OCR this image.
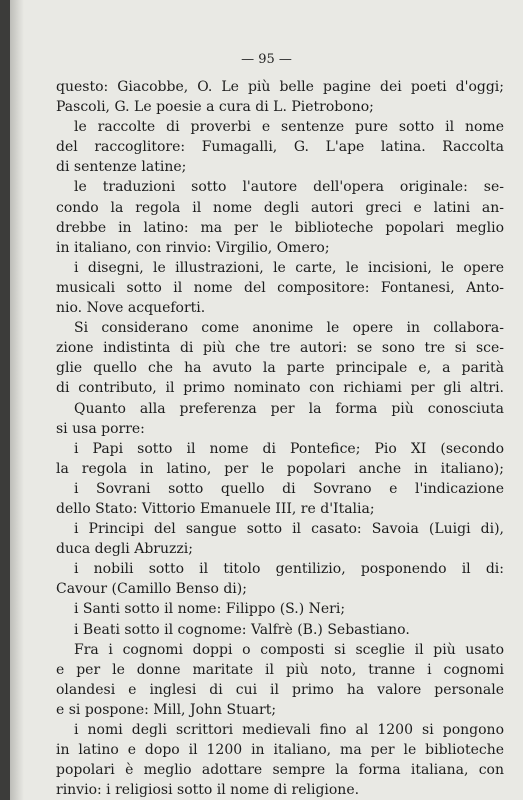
— 95 —
questo: Giacobbe, O. Le più belle pagine dei poeti d'oggi;
Pascoli, G. Le poesie a cura di L. Pietrobono;
le raccolte di proverbi e sentenze pure sotto il nome
del raccoglitore: Fumagalli, G. L'ape latina. Raccolta
di sentenze latine;
le traduzioni sotto l'autore dell'opera originale: se-
condo la regola il nome degli autori greci e latini an-
drebbe in latino: ma per le biblioteche popolari meglio
in italiano, con rinvio: Virgilio, Omero;
i disegni, le illustrazioni, le carte, le incisioni, le opere
musicali sotto il nome del compositore: Fontanesi, Anto-
nio. Nove acqueforti.
Si considerano come anonime le opere in collabora-
zione indistinta di più che tre autori: se sono tre si sce-
glie quello che ha avuto la parte principale e, a parità
di contributo, il primo nominato con richiami per gli altri.
Quanto alla preferenza per la forma più conosciuta
si usa porre:
i Papi sotto il nome di Pontefice; Pio XI (secondo
la regola in latino, per le popolari anche in italiano);
i Sovrani sotto quello di Sovrano e l'indicazione
dello Stato: Vittorio Emanuele III, re d'Italia;
i Principi del sangue sotto il casato: Savoia (Luigi di),
duca degli Abruzzi;
i nobili sotto il titolo gentilizio, posponendo il di:
Cavour (Camillo Benso di);
i Santi sotto il nome: Filippo (S.) Neri;
i Beati sotto il cognome: Valfrè (B.) Sebastiano.
Fra i cognomi doppi o composti si sceglie il più usato
e per le donne maritate il più noto, tranne i cognomi
olandesi e inglesi di cui il primo ha valore personale
e si pospone: Mill, John Stuart;
i nomi degli scrittori medievali fino al 1200 si pongono
in latino e dopo il 1200 in italiano, ma per le biblioteche
popolari è meglio adottare sempre la forma italiana, con
rinvio: i religiosi sotto il nome di religione.
